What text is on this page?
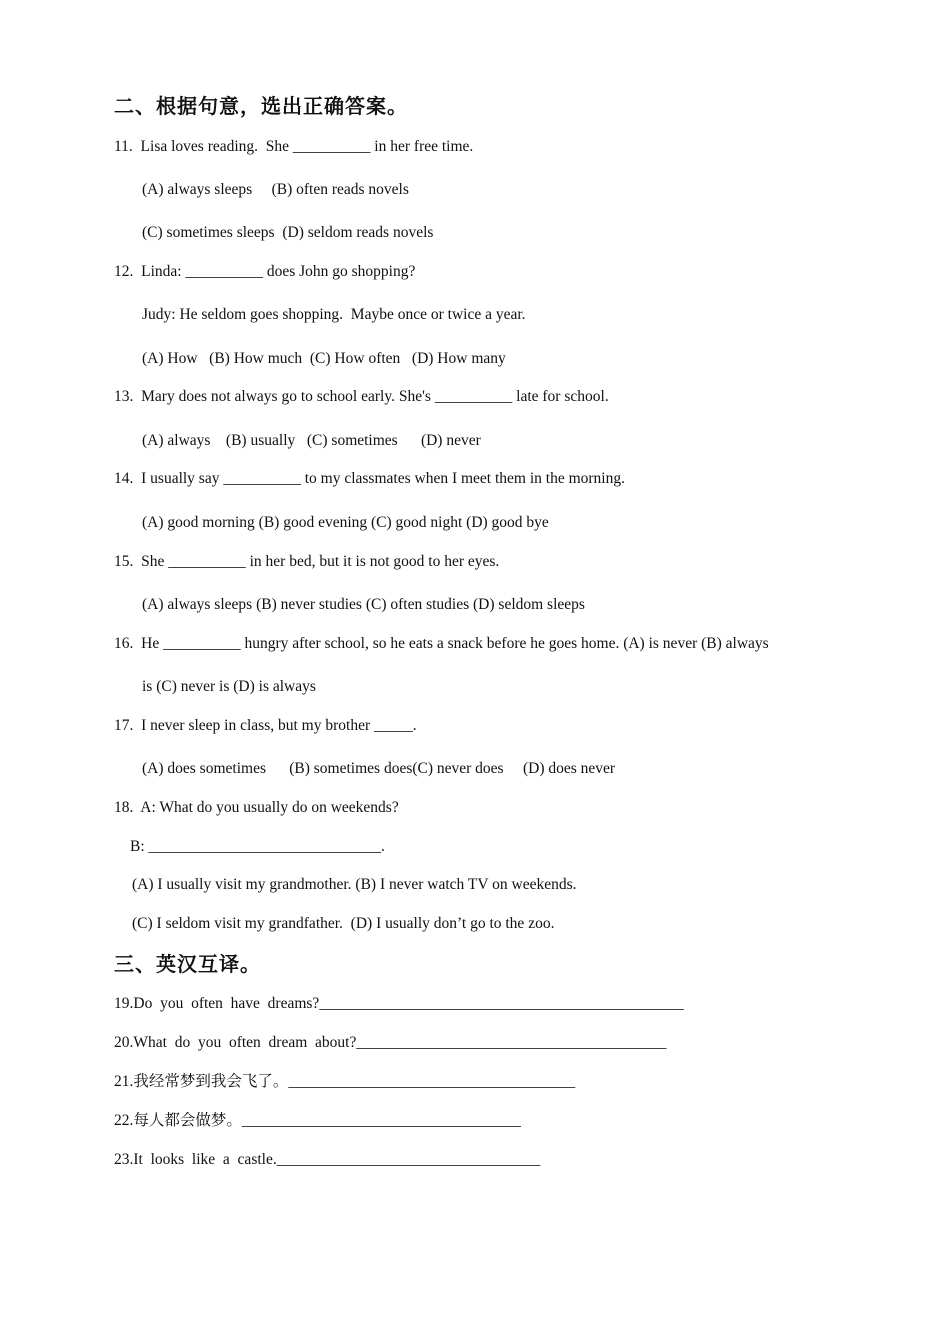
二、根据句意，选出正确答案。
11.  Lisa loves reading.  She __________ in her free time.
(A) always sleeps     (B) often reads novels
(C) sometimes sleeps  (D) seldom reads novels
12.  Linda: __________ does John go shopping?
Judy: He seldom goes shopping.  Maybe once or twice a year.
(A) How   (B) How much  (C) How often   (D) How many
13.  Mary does not always go to school early. She's __________ late for school.
(A) always    (B) usually   (C) sometimes      (D) never
14.  I usually say __________ to my classmates when I meet them in the morning.
(A) good morning (B) good evening (C) good night (D) good bye
15.  She __________ in her bed, but it is not good to her eyes.
(A) always sleeps (B) never studies (C) often studies (D) seldom sleeps
16.  He __________ hungry after school, so he eats a snack before he goes home. (A) is never (B) always
is (C) never is (D) is always
17.  I never sleep in class, but my brother _____.
(A) does sometimes      (B) sometimes does(C) never does     (D) does never
18.  A: What do you usually do on weekends?
B: ______________________________.
(A) I usually visit my grandmother. (B) I never watch TV on weekends.
(C) I seldom visit my grandfather.  (D) I usually don’t go to the zoo.
三、英汉互译。
19.Do  you  often  have  dreams?_______________________________________________
20.What  do  you  often  dream  about?________________________________________
21.我经常梦到我会飞了。_____________________________________
22.每人都会做梦。____________________________________
23.It  looks  like  a  castle.__________________________________
